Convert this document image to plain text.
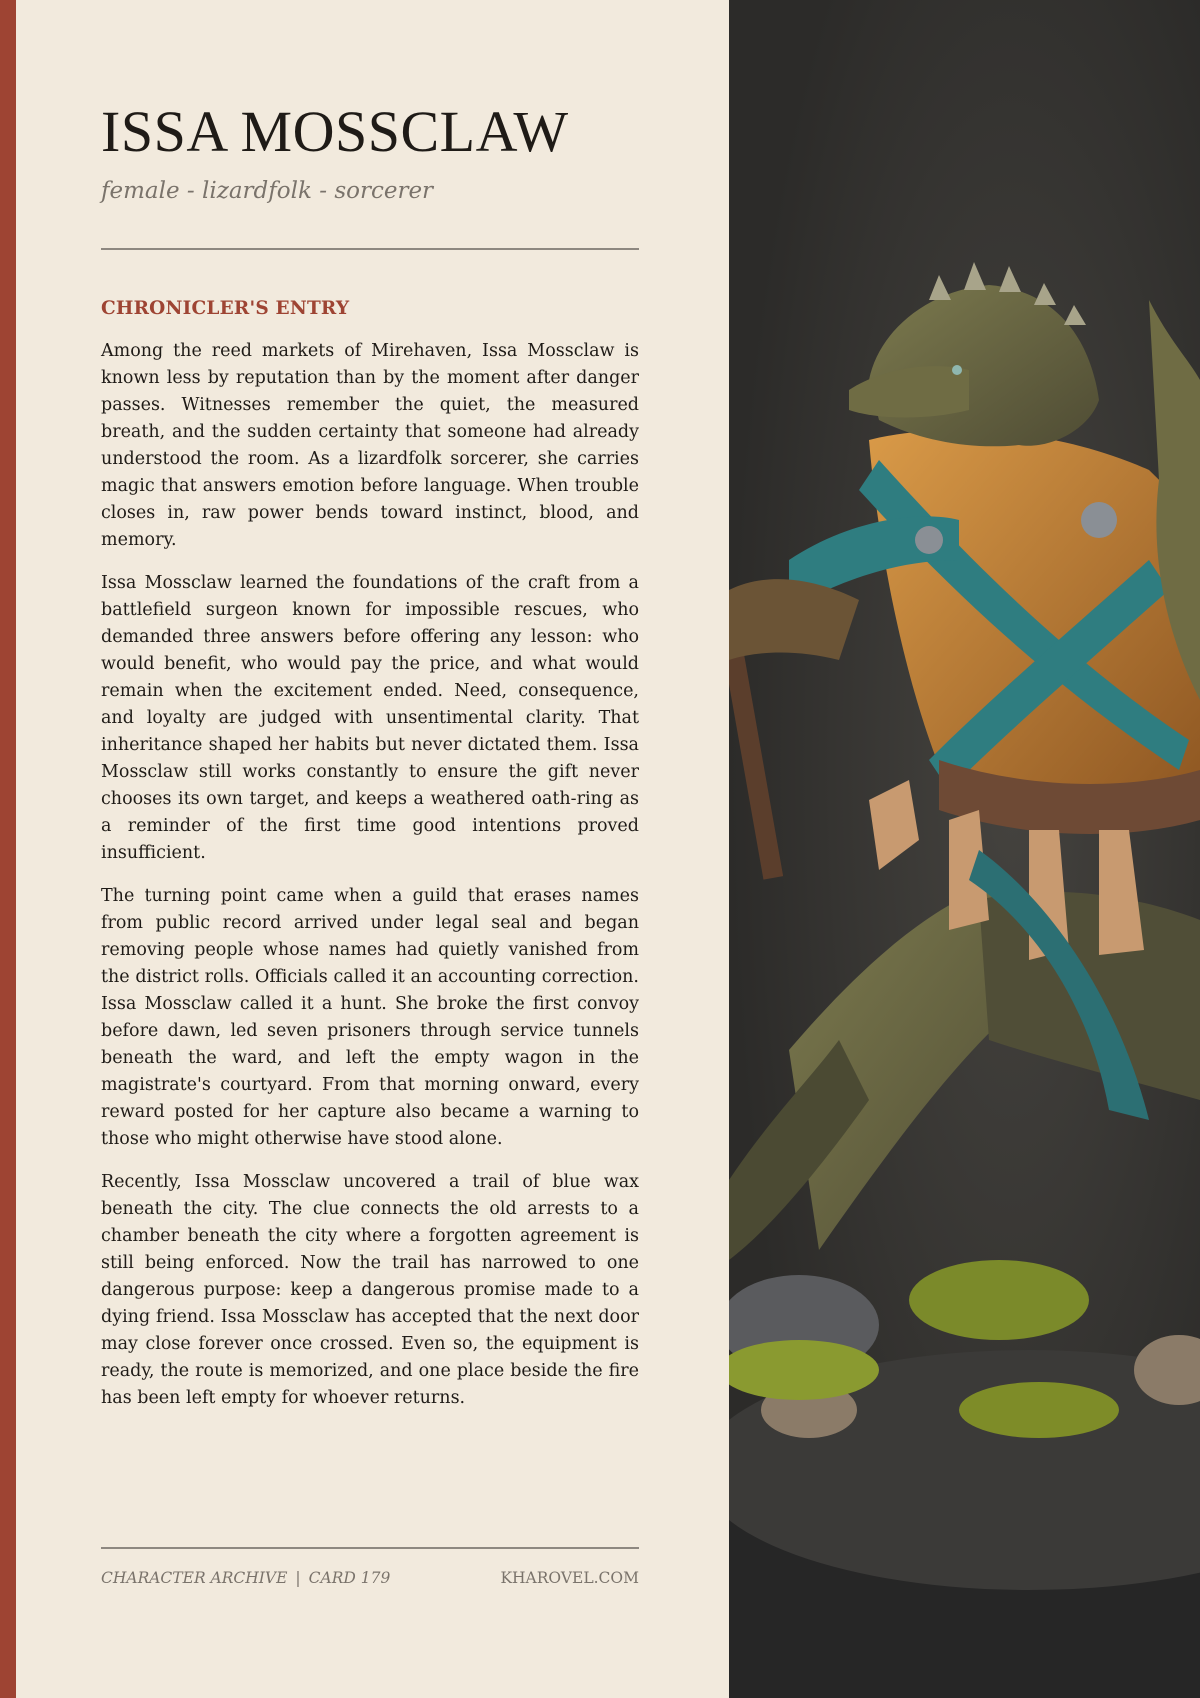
ISSA MOSSCLAW

female - lizardfolk - sorcerer

CHRONICLER'S ENTRY

Among the reed markets of Mirehaven, Issa Mossclaw is known less by reputation than by the moment after danger passes. Witnesses remember the quiet, the measured breath, and the sudden certainty that someone had already understood the room. As a lizardfolk sorcerer, she carries magic that answers emotion before language. When trouble closes in, raw power bends toward instinct, blood, and memory.

Issa Mossclaw learned the foundations of the craft from a battlefield surgeon known for impossible rescues, who demanded three answers before offering any lesson: who would benefit, who would pay the price, and what would remain when the excitement ended. Need, consequence, and loyalty are judged with unsentimental clarity. That inheritance shaped her habits but never dictated them. Issa Mossclaw still works constantly to ensure the gift never chooses its own target, and keeps a weathered oath-ring as a reminder of the first time good intentions proved insufficient.

The turning point came when a guild that erases names from public record arrived under legal seal and began removing people whose names had quietly vanished from the district rolls. Officials called it an accounting correction. Issa Mossclaw called it a hunt. She broke the first convoy before dawn, led seven prisoners through service tunnels beneath the ward, and left the empty wagon in the magistrate's courtyard. From that morning onward, every reward posted for her capture also became a warning to those who might otherwise have stood alone.

Recently, Issa Mossclaw uncovered a trail of blue wax beneath the city. The clue connects the old arrests to a chamber beneath the city where a forgotten agreement is still being enforced. Now the trail has narrowed to one dangerous purpose: keep a dangerous promise made to a dying friend. Issa Mossclaw has accepted that the next door may close forever once crossed. Even so, the equipment is ready, the route is memorized, and one place beside the fire has been left empty for whoever returns.

CHARACTER ARCHIVE | CARD 179	KHAROVEL.COM
